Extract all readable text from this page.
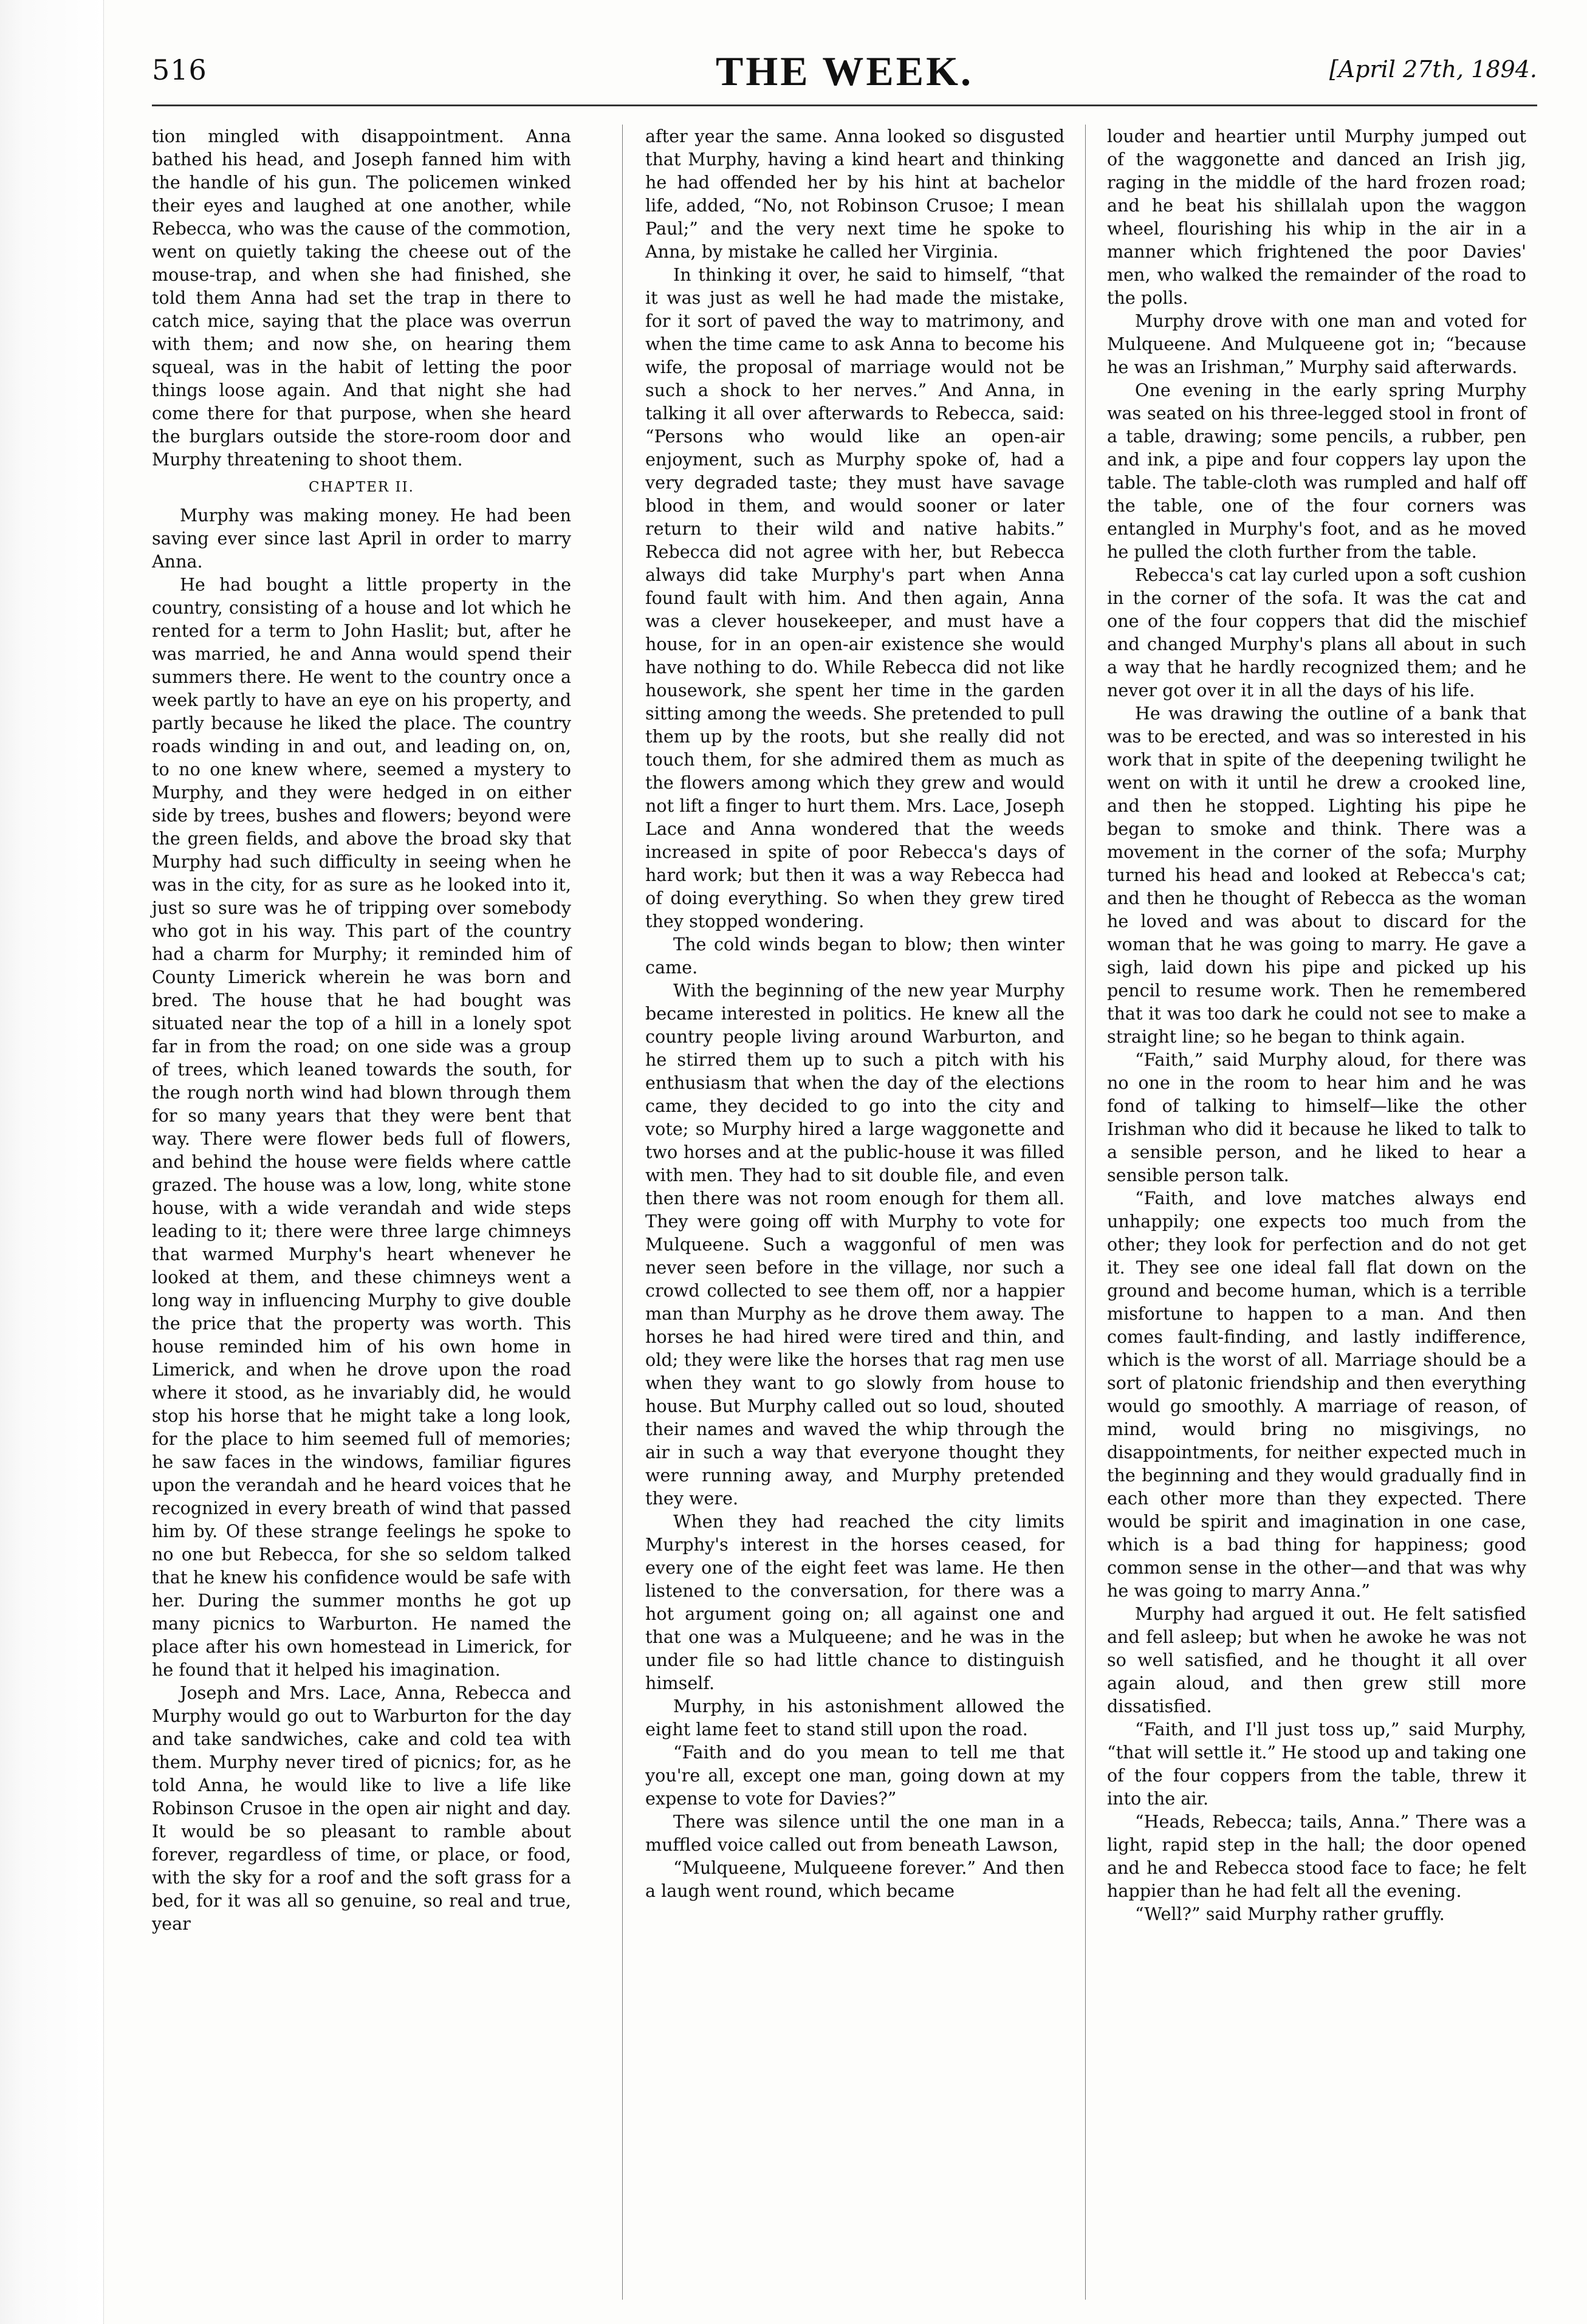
516	THE WEEK.	[April 27th, 1894.

tion mingled with disappointment. Anna bathed his head, and Joseph fanned him with the handle of his gun. The policemen winked their eyes and laughed at one another, while Rebecca, who was the cause of the commotion, went on quietly taking the cheese out of the mouse-trap, and when she had finished, she told them Anna had set the trap in there to catch mice, saying that the place was overrun with them; and now she, on hearing them squeal, was in the habit of letting the poor things loose again. And that night she had come there for that purpose, when she heard the burglars outside the store-room door and Murphy threatening to shoot them.

CHAPTER II.

Murphy was making money. He had been saving ever since last April in order to marry Anna.

He had bought a little property in the country, consisting of a house and lot which he rented for a term to John Haslit; but, after he was married, he and Anna would spend their summers there. He went to the country once a week partly to have an eye on his property, and partly because he liked the place. The country roads winding in and out, and leading on, on, to no one knew where, seemed a mystery to Murphy, and they were hedged in on either side by trees, bushes and flowers; beyond were the green fields, and above the broad sky that Murphy had such difficulty in seeing when he was in the city, for as sure as he looked into it, just so sure was he of tripping over somebody who got in his way. This part of the country had a charm for Murphy; it reminded him of County Limerick wherein he was born and bred. The house that he had bought was situated near the top of a hill in a lonely spot far in from the road; on one side was a group of trees, which leaned towards the south, for the rough north wind had blown through them for so many years that they were bent that way. There were flower beds full of flowers, and behind the house were fields where cattle grazed. The house was a low, long, white stone house, with a wide verandah and wide steps leading to it; there were three large chimneys that warmed Murphy's heart whenever he looked at them, and these chimneys went a long way in influencing Murphy to give double the price that the property was worth. This house reminded him of his own home in Limerick, and when he drove upon the road where it stood, as he invariably did, he would stop his horse that he might take a long look, for the place to him seemed full of memories; he saw faces in the windows, familiar figures upon the verandah and he heard voices that he recognized in every breath of wind that passed him by. Of these strange feelings he spoke to no one but Rebecca, for she so seldom talked that he knew his confidence would be safe with her. During the summer months he got up many picnics to Warburton. He named the place after his own homestead in Limerick, for he found that it helped his imagination.

Joseph and Mrs. Lace, Anna, Rebecca and Murphy would go out to Warburton for the day and take sandwiches, cake and cold tea with them. Murphy never tired of picnics; for, as he told Anna, he would like to live a life like Robinson Crusoe in the open air night and day. It would be so pleasant to ramble about forever, regardless of time, or place, or food, with the sky for a roof and the soft grass for a bed, for it was all so genuine, so real and true, year

after year the same. Anna looked so disgusted that Murphy, having a kind heart and thinking he had offended her by his hint at bachelor life, added, “No, not Robinson Crusoe; I mean Paul;” and the very next time he spoke to Anna, by mistake he called her Virginia.

In thinking it over, he said to himself, “that it was just as well he had made the mistake, for it sort of paved the way to matrimony, and when the time came to ask Anna to become his wife, the proposal of marriage would not be such a shock to her nerves.” And Anna, in talking it all over afterwards to Rebecca, said: “Persons who would like an open-air enjoyment, such as Murphy spoke of, had a very degraded taste; they must have savage blood in them, and would sooner or later return to their wild and native habits.” Rebecca did not agree with her, but Rebecca always did take Murphy's part when Anna found fault with him. And then again, Anna was a clever housekeeper, and must have a house, for in an open-air existence she would have nothing to do. While Rebecca did not like housework, she spent her time in the garden sitting among the weeds. She pretended to pull them up by the roots, but she really did not touch them, for she admired them as much as the flowers among which they grew and would not lift a finger to hurt them. Mrs. Lace, Joseph Lace and Anna wondered that the weeds increased in spite of poor Rebecca's days of hard work; but then it was a way Rebecca had of doing everything. So when they grew tired they stopped wondering.

The cold winds began to blow; then winter came.

With the beginning of the new year Murphy became interested in politics. He knew all the country people living around Warburton, and he stirred them up to such a pitch with his enthusiasm that when the day of the elections came, they decided to go into the city and vote; so Murphy hired a large waggonette and two horses and at the public-house it was filled with men. They had to sit double file, and even then there was not room enough for them all. They were going off with Murphy to vote for Mulqueene. Such a waggonful of men was never seen before in the village, nor such a crowd collected to see them off, nor a happier man than Murphy as he drove them away. The horses he had hired were tired and thin, and old; they were like the horses that rag men use when they want to go slowly from house to house. But Murphy called out so loud, shouted their names and waved the whip through the air in such a way that everyone thought they were running away, and Murphy pretended they were.

When they had reached the city limits Murphy's interest in the horses ceased, for every one of the eight feet was lame. He then listened to the conversation, for there was a hot argument going on; all against one and that one was a Mulqueene; and he was in the under file so had little chance to distinguish himself.

Murphy, in his astonishment allowed the eight lame feet to stand still upon the road.

“Faith and do you mean to tell me that you're all, except one man, going down at my expense to vote for Davies?”

There was silence until the one man in a muffled voice called out from beneath Lawson,

“Mulqueene, Mulqueene forever.” And then a laugh went round, which became

louder and heartier until Murphy jumped out of the waggonette and danced an Irish jig, raging in the middle of the hard frozen road; and he beat his shillalah upon the waggon wheel, flourishing his whip in the air in a manner which frightened the poor Davies' men, who walked the remainder of the road to the polls.

Murphy drove with one man and voted for Mulqueene. And Mulqueene got in; “because he was an Irishman,” Murphy said afterwards.

One evening in the early spring Murphy was seated on his three-legged stool in front of a table, drawing; some pencils, a rubber, pen and ink, a pipe and four coppers lay upon the table. The table-cloth was rumpled and half off the table, one of the four corners was entangled in Murphy's foot, and as he moved he pulled the cloth further from the table.

Rebecca's cat lay curled upon a soft cushion in the corner of the sofa. It was the cat and one of the four coppers that did the mischief and changed Murphy's plans all about in such a way that he hardly recognized them; and he never got over it in all the days of his life.

He was drawing the outline of a bank that was to be erected, and was so interested in his work that in spite of the deepening twilight he went on with it until he drew a crooked line, and then he stopped. Lighting his pipe he began to smoke and think. There was a movement in the corner of the sofa; Murphy turned his head and looked at Rebecca's cat; and then he thought of Rebecca as the woman he loved and was about to discard for the woman that he was going to marry. He gave a sigh, laid down his pipe and picked up his pencil to resume work. Then he remembered that it was too dark he could not see to make a straight line; so he began to think again.

“Faith,” said Murphy aloud, for there was no one in the room to hear him and he was fond of talking to himself—like the other Irishman who did it because he liked to talk to a sensible person, and he liked to hear a sensible person talk.

“Faith, and love matches always end unhappily; one expects too much from the other; they look for perfection and do not get it. They see one ideal fall flat down on the ground and become human, which is a terrible misfortune to happen to a man. And then comes fault-finding, and lastly indifference, which is the worst of all. Marriage should be a sort of platonic friendship and then everything would go smoothly. A marriage of reason, of mind, would bring no misgivings, no disappointments, for neither expected much in the beginning and they would gradually find in each other more than they expected. There would be spirit and imagination in one case, which is a bad thing for happiness; good common sense in the other—and that was why he was going to marry Anna.”

Murphy had argued it out. He felt satisfied and fell asleep; but when he awoke he was not so well satisfied, and he thought it all over again aloud, and then grew still more dissatisfied.

“Faith, and I'll just toss up,” said Murphy, “that will settle it.” He stood up and taking one of the four coppers from the table, threw it into the air.

“Heads, Rebecca; tails, Anna.” There was a light, rapid step in the hall; the door opened and he and Rebecca stood face to face; he felt happier than he had felt all the evening.

“Well?” said Murphy rather gruffly.
